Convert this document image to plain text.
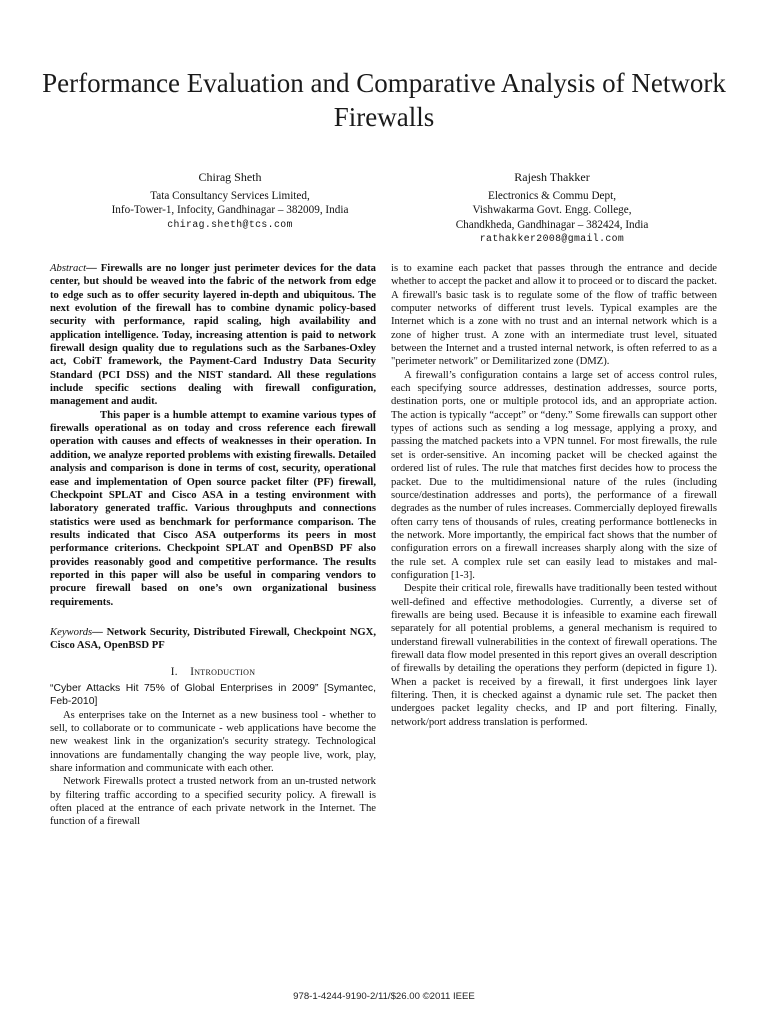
Performance Evaluation and Comparative Analysis of Network Firewalls
Chirag Sheth
Tata Consultancy Services Limited,
Info-Tower-1, Infocity, Gandhinagar – 382009, India
chirag.sheth@tcs.com
Rajesh Thakker
Electronics & Commu Dept,
Vishwakarma Govt. Engg. College,
Chandkheda, Gandhinagar – 382424, India
rathakker2008@gmail.com

Abstract— Firewalls are no longer just perimeter devices for the data center, but should be weaved into the fabric of the network from edge to edge such as to offer security layered in-depth and ubiquitous. The next evolution of the firewall has to combine dynamic policy-based security with performance, rapid scaling, high availability and application intelligence. Today, increasing attention is paid to network firewall design quality due to regulations such as the Sarbanes-Oxley act, CobiT framework, the Payment-Card Industry Data Security Standard (PCI DSS) and the NIST standard. All these regulations include specific sections dealing with firewall configuration, management and audit.

This paper is a humble attempt to examine various types of firewalls operational as on today and cross reference each firewall operation with causes and effects of weaknesses in their operation. In addition, we analyze reported problems with existing firewalls. Detailed analysis and comparison is done in terms of cost, security, operational ease and implementation of Open source packet filter (PF) firewall, Checkpoint SPLAT and Cisco ASA in a testing environment with laboratory generated traffic. Various throughputs and connections statistics were used as benchmark for performance comparison. The results indicated that Cisco ASA outperforms its peers in most performance criterions. Checkpoint SPLAT and OpenBSD PF also provides reasonably good and competitive performance. The results reported in this paper will also be useful in comparing vendors to procure firewall based on one’s own organizational business requirements.

Keywords— Network Security, Distributed Firewall, Checkpoint NGX, Cisco ASA, OpenBSD PF

I. Introduction

“Cyber Attacks Hit 75% of Global Enterprises in 2009” [Symantec, Feb-2010]

As enterprises take on the Internet as a new business tool - whether to sell, to collaborate or to communicate - web applications have become the new weakest link in the organization's security strategy. Technological innovations are fundamentally changing the way people live, work, play, share information and communicate with each other.

Network Firewalls protect a trusted network from an un-trusted network by filtering traffic according to a specified security policy. A firewall is often placed at the entrance of each private network in the Internet. The function of a firewall

is to examine each packet that passes through the entrance and decide whether to accept the packet and allow it to proceed or to discard the packet. A firewall's basic task is to regulate some of the flow of traffic between computer networks of different trust levels. Typical examples are the Internet which is a zone with no trust and an internal network which is a zone of higher trust. A zone with an intermediate trust level, situated between the Internet and a trusted internal network, is often referred to as a "perimeter network" or Demilitarized zone (DMZ).

A firewall’s configuration contains a large set of access control rules, each specifying source addresses, destination addresses, source ports, destination ports, one or multiple protocol ids, and an appropriate action. The action is typically “accept” or “deny.” Some firewalls can support other types of actions such as sending a log message, applying a proxy, and passing the matched packets into a VPN tunnel. For most firewalls, the rule set is order-sensitive. An incoming packet will be checked against the ordered list of rules. The rule that matches first decides how to process the packet. Due to the multidimensional nature of the rules (including source/destination addresses and ports), the performance of a firewall degrades as the number of rules increases. Commercially deployed firewalls often carry tens of thousands of rules, creating performance bottlenecks in the network. More importantly, the empirical fact shows that the number of configuration errors on a firewall increases sharply along with the size of the rule set. A complex rule set can easily lead to mistakes and mal-configuration [1-3].

Despite their critical role, firewalls have traditionally been tested without well-defined and effective methodologies. Currently, a diverse set of firewalls are being used. Because it is infeasible to examine each firewall separately for all potential problems, a general mechanism is required to understand firewall vulnerabilities in the context of firewall operations. The firewall data flow model presented in this report gives an overall description of firewalls by detailing the operations they perform (depicted in figure 1). When a packet is received by a firewall, it first undergoes link layer filtering. Then, it is checked against a dynamic rule set. The packet then undergoes packet legality checks, and IP and port filtering. Finally, network/port address translation is performed.

978-1-4244-9190-2/11/$26.00 ©2011 IEEE
